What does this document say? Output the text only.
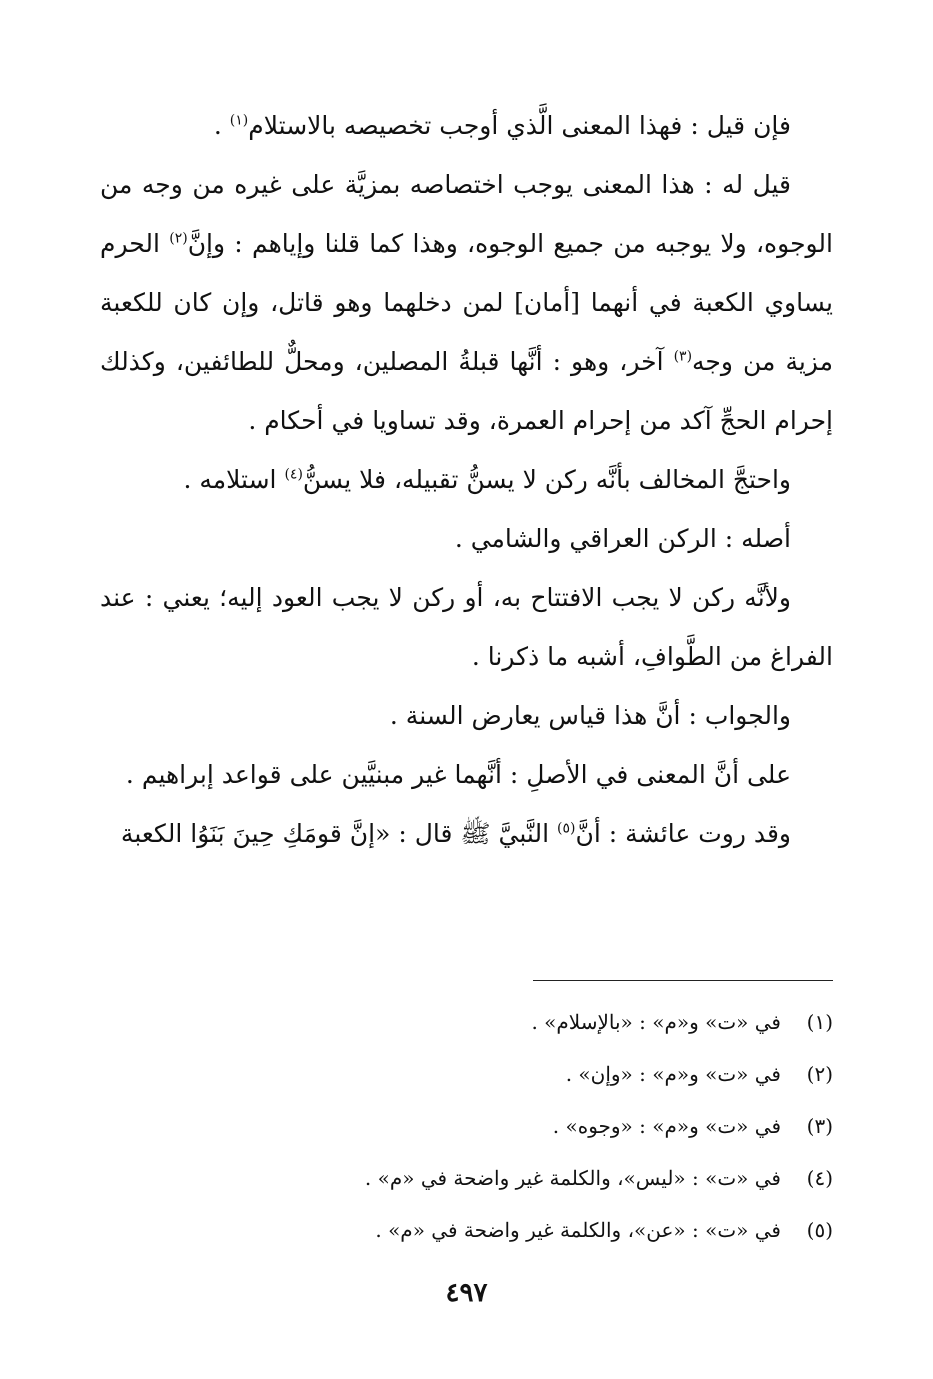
فإن قيل : فهذا المعنى الَّذي أوجب تخصيصه بالاستلام$^{(١)}$ .

قيل له : هذا المعنى يوجب اختصاصه بمزيَّة على غيره من وجه من الوجوه، ولا يوجبه من جميع الوجوه، وهذا كما قلنا وإياهم : وإنَّ$^{(٢)}$ الحرم يساوي الكعبة في أنهما [أمان] لمن دخلهما وهو قاتل، وإن كان للكعبة مزية من وجه$^{(٣)}$ آخر، وهو : أنَّها قبلةُ المصلين، ومحلٌّ للطائفين، وكذلك إحرام الحجِّ آكد من إحرام العمرة، وقد تساويا في أحكام .

واحتجَّ المخالف بأنَّه ركن لا يسنُّ تقبيله، فلا يسنُّ$^{(٤)}$ استلامه .

أصله : الركن العراقي والشامي .

ولأنَّه ركن لا يجب الافتتاح به، أو ركن لا يجب العود إليه؛ يعني : عند الفراغ من الطَّوافِ، أشبه ما ذكرنا .

والجواب : أنَّ هذا قياس يعارض السنة .

على أنَّ المعنى في الأصلِ : أنَّهما غير مبنيَّين على قواعد إبراهيم .

وقد روت عائشة : أنَّ$^{(٥)}$ النَّبيَّ ﷺ قال : «إنَّ قومَكِ حِينَ بَنَوُا الكعبة

(١)في «ت» و«م» : «بالإسلام» .
(٢)في «ت» و«م» : «وإن» .
(٣)في «ت» و«م» : «وجوه» .
(٤)في «ت» : «ليس»، والكلمة غير واضحة في «م» .
(٥)في «ت» : «عن»، والكلمة غير واضحة في «م» .
٤٩٧
